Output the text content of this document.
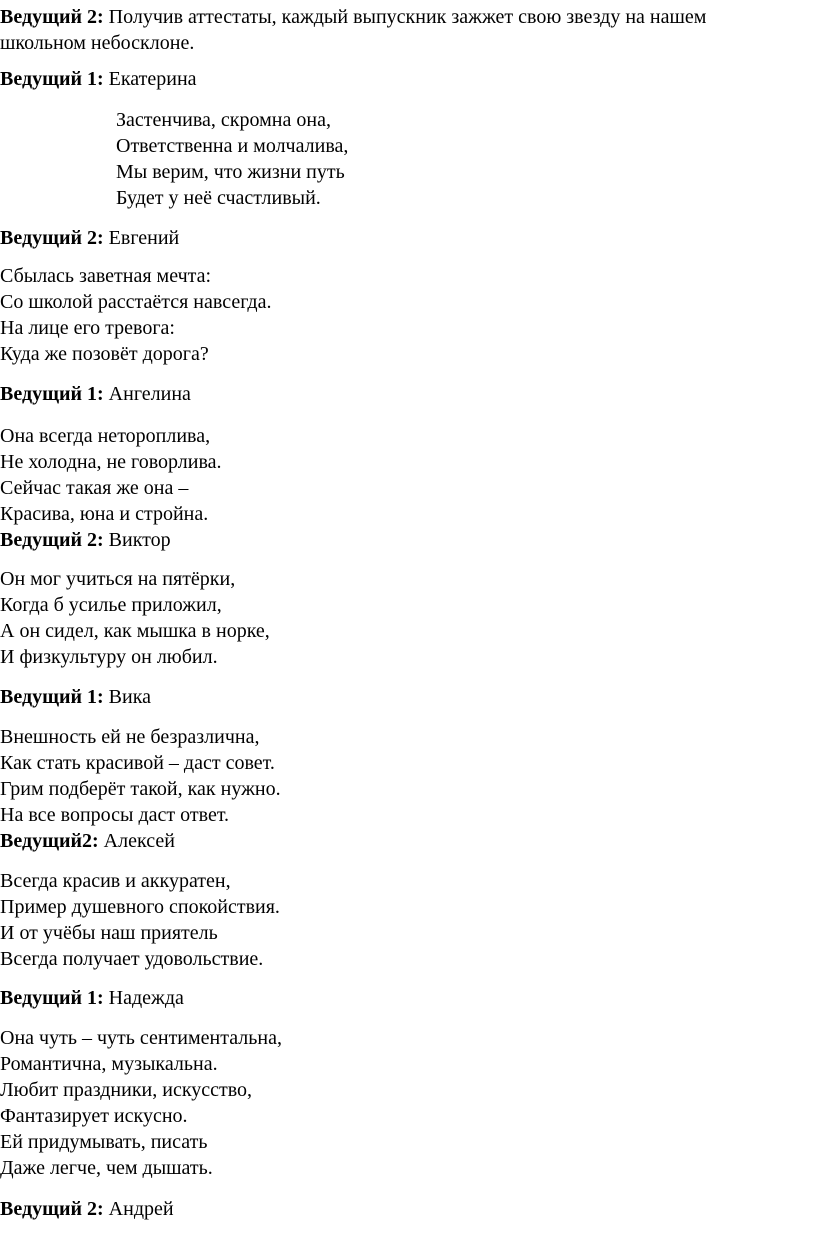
Ведущий 2: Получив аттестаты, каждый выпускник зажжет свою звезду на нашем
школьном небосклоне.
Ведущий 1: Екатерина
Застенчива, скромна она,
Ответственна и молчалива,
Мы верим, что жизни путь
Будет у неё счастливый.
Ведущий 2: Евгений
Сбылась заветная мечта:
Со школой расстаётся навсегда.
На лице его тревога:
Куда же позовёт дорога?
Ведущий 1: Ангелина
Она всегда нетороплива,
Не холодна, не говорлива.
Сейчас такая же она –
Красива, юна и стройна.
Ведущий 2: Виктор
Он мог учиться на пятёрки,
Когда б усилье приложил,
А он сидел, как мышка в норке,
И физкультуру он любил.
Ведущий 1: Вика
Внешность ей не безразлична,
Как стать красивой – даст совет.
Грим подберёт такой, как нужно.
На все вопросы даст ответ.
Ведущий2: Алексей
Всегда красив и аккуратен,
Пример душевного спокойствия.
И от учёбы наш приятель
Всегда получает удовольствие.
Ведущий 1: Надежда
Она чуть – чуть сентиментальна,
Романтична, музыкальна.
Любит праздники, искусство,
Фантазирует искусно.
Ей придумывать, писать
Даже легче, чем дышать.
Ведущий 2: Андрей
